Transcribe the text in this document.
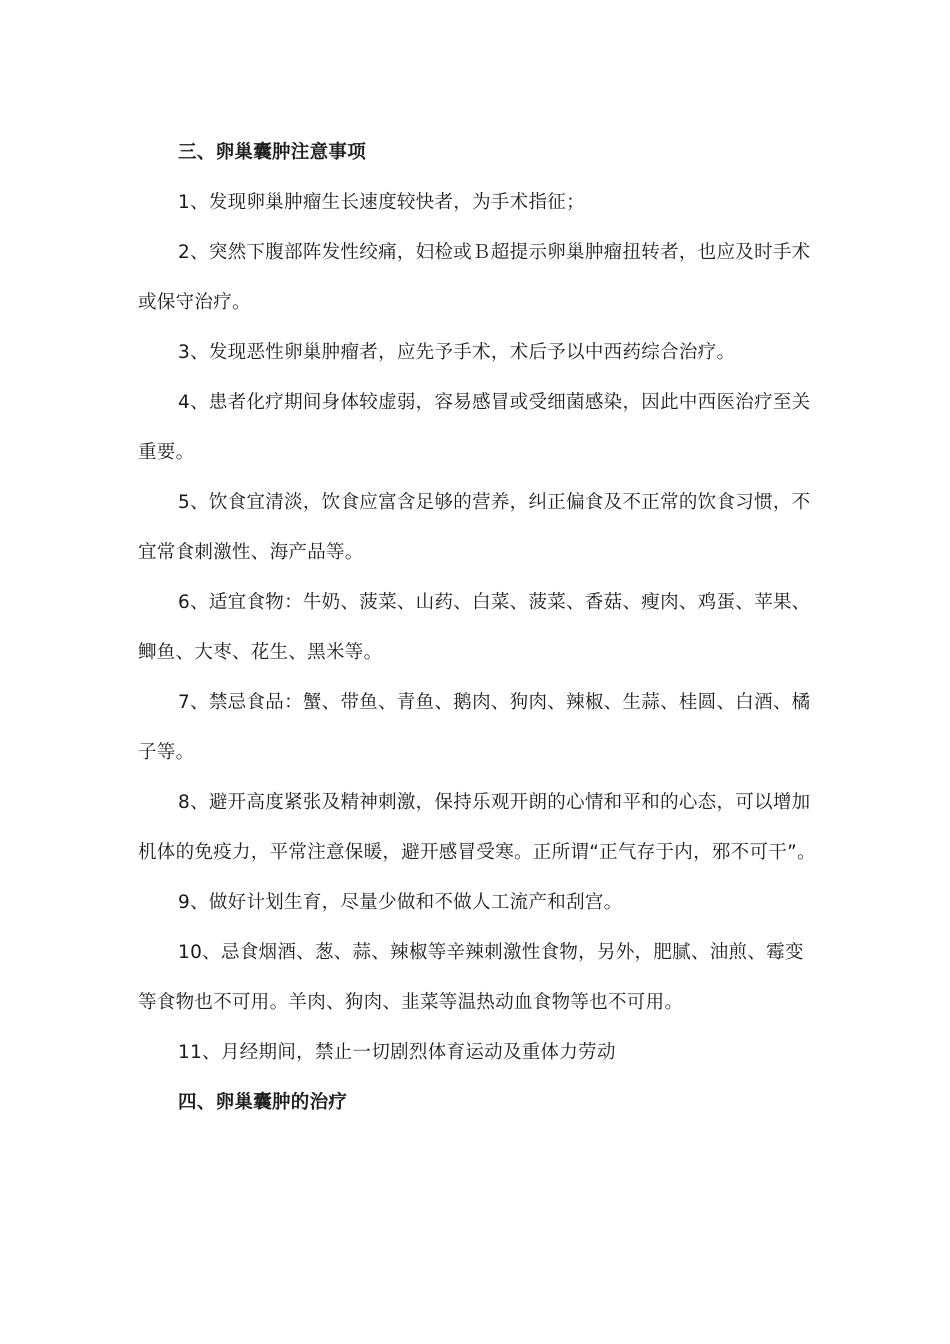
三、卵巢囊肿注意事项

1、发现卵巢肿瘤生长速度较快者，为手术指征；

2、突然下腹部阵发性绞痛，妇检或Ｂ超提示卵巢肿瘤扭转者，也应及时手术或保守治疗。

3、发现恶性卵巢肿瘤者，应先予手术，术后予以中西药综合治疗。

4、患者化疗期间身体较虚弱，容易感冒或受细菌感染，因此中西医治疗至关重要。

5、饮食宜清淡，饮食应富含足够的营养，纠正偏食及不正常的饮食习惯，不宜常食刺激性、海产品等。

6、适宜食物：牛奶、菠菜、山药、白菜、菠菜、香菇、瘦肉、鸡蛋、苹果、鲫鱼、大枣、花生、黑米等。

7、禁忌食品：蟹、带鱼、青鱼、鹅肉、狗肉、辣椒、生蒜、桂圆、白酒、橘子等。

8、避开高度紧张及精神刺激，保持乐观开朗的心情和平和的心态，可以增加机体的免疫力，平常注意保暖，避开感冒受寒。正所谓“正气存于内，邪不可干”。

9、做好计划生育，尽量少做和不做人工流产和刮宫。

10、忌食烟酒、葱、蒜、辣椒等辛辣刺激性食物，另外，肥腻、油煎、霉变等食物也不可用。羊肉、狗肉、韭菜等温热动血食物等也不可用。

11、月经期间，禁止一切剧烈体育运动及重体力劳动

四、卵巢囊肿的治疗
